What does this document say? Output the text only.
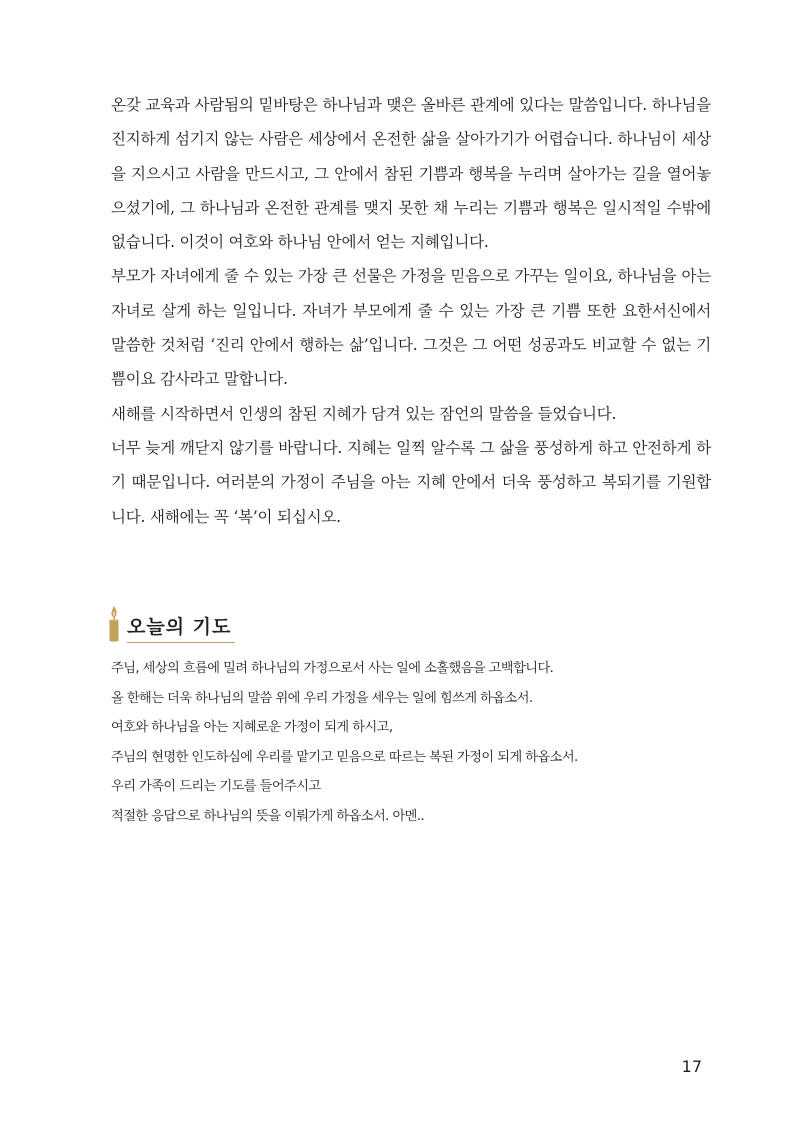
온갖 교육과 사람됨의 밑바탕은 하나님과 맺은 올바른 관계에 있다는 말씀입니다. 하나님을 진지하게 섬기지 않는 사람은 세상에서 온전한 삶을 살아가기가 어렵습니다. 하나님이 세상을 지으시고 사람을 만드시고, 그 안에서 참된 기쁨과 행복을 누리며 살아가는 길을 열어놓으셨기에, 그 하나님과 온전한 관계를 맺지 못한 채 누리는 기쁨과 행복은 일시적일 수밖에 없습니다. 이것이 여호와 하나님 안에서 얻는 지혜입니다.

부모가 자녀에게 줄 수 있는 가장 큰 선물은 가정을 믿음으로 가꾸는 일이요, 하나님을 아는 자녀로 살게 하는 일입니다. 자녀가 부모에게 줄 수 있는 가장 큰 기쁨 또한 요한서신에서 말씀한 것처럼 ‘진리 안에서 행하는 삶’입니다. 그것은 그 어떤 성공과도 비교할 수 없는 기쁨이요 감사라고 말합니다.

새해를 시작하면서 인생의 참된 지혜가 담겨 있는 잠언의 말씀을 들었습니다.

너무 늦게 깨닫지 않기를 바랍니다. 지혜는 일찍 알수록 그 삶을 풍성하게 하고 안전하게 하기 때문입니다. 여러분의 가정이 주님을 아는 지혜 안에서 더욱 풍성하고 복되기를 기원합니다. 새해에는 꼭 ‘복’이 되십시오.

오늘의 기도
주님, 세상의 흐름에 밀려 하나님의 가정으로서 사는 일에 소홀했음을 고백합니다.
올 한해는 더욱 하나님의 말씀 위에 우리 가정을 세우는 일에 힘쓰게 하옵소서.
여호와 하나님을 아는 지혜로운 가정이 되게 하시고,
주님의 현명한 인도하심에 우리를 맡기고 믿음으로 따르는 복된 가정이 되게 하옵소서.
우리 가족이 드리는 기도를 들어주시고
적절한 응답으로 하나님의 뜻을 이뤄가게 하옵소서. 아멘..
17
